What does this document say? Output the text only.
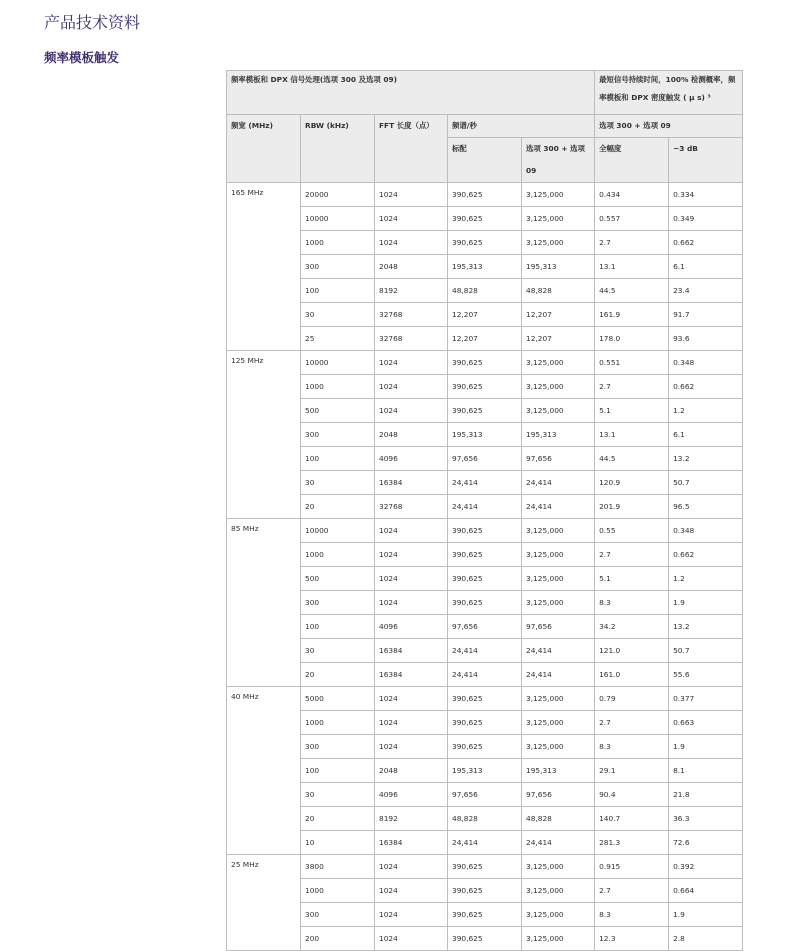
产品技术资料
频率模板触发
频率模板和 DPX 信号处理(选项 300 及选项 09)					最短信号持续时间，100% 检测概率，频率模板和 DPX 密度触发 ( μ s) ³	
频宽 (MHz)	RBW (kHz)	FFT 长度（点）	频谱/秒		选项 300 + 选项 09	
			标配	选项 300 + 选项 09	全幅度	−3 dB
165 MHz	20000	1024	390,625	3,125,000	0.434	0.334
	10000	1024	390,625	3,125,000	0.557	0.349
	1000	1024	390,625	3,125,000	2.7	0.662
	300	2048	195,313	195,313	13.1	6.1
	100	8192	48,828	48,828	44.5	23.4
	30	32768	12,207	12,207	161.9	91.7
	25	32768	12,207	12,207	178.0	93.6
125 MHz	10000	1024	390,625	3,125,000	0.551	0.348
	1000	1024	390,625	3,125,000	2.7	0.662
	500	1024	390,625	3,125,000	5.1	1.2
	300	2048	195,313	195,313	13.1	6.1
	100	4096	97,656	97,656	44.5	13.2
	30	16384	24,414	24,414	120.9	50.7
	20	32768	24,414	24,414	201.9	96.5
85 MHz	10000	1024	390,625	3,125,000	0.55	0.348
	1000	1024	390,625	3,125,000	2.7	0.662
	500	1024	390,625	3,125,000	5.1	1.2
	300	1024	390,625	3,125,000	8.3	1.9
	100	4096	97,656	97,656	34.2	13.2
	30	16384	24,414	24,414	121.0	50.7
	20	16384	24,414	24,414	161.0	55.6
40 MHz	5000	1024	390,625	3,125,000	0.79	0.377
	1000	1024	390,625	3,125,000	2.7	0.663
	300	1024	390,625	3,125,000	8.3	1.9
	100	2048	195,313	195,313	29.1	8.1
	30	4096	97,656	97,656	90.4	21.8
	20	8192	48,828	48,828	140.7	36.3
	10	16384	24,414	24,414	281.3	72.6
25 MHz	3800	1024	390,625	3,125,000	0.915	0.392
	1000	1024	390,625	3,125,000	2.7	0.664
	300	1024	390,625	3,125,000	8.3	1.9
	200	1024	390,625	3,125,000	12.3	2.8
